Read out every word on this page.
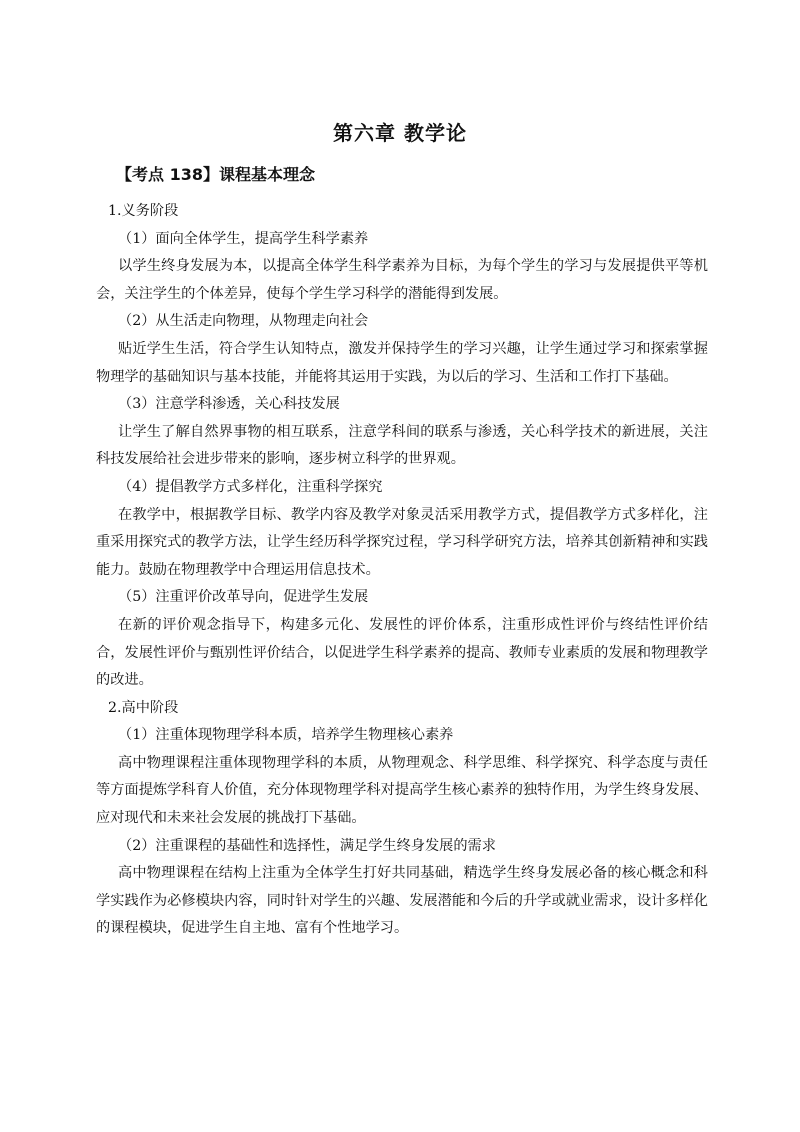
第六章 教学论
【考点 138】课程基本理念

1.义务阶段

（1）面向全体学生，提高学生科学素养

以学生终身发展为本，以提高全体学生科学素养为目标，为每个学生的学习与发展提供平等机会，关注学生的个体差异，使每个学生学习科学的潜能得到发展。

（2）从生活走向物理，从物理走向社会

贴近学生生活，符合学生认知特点，激发并保持学生的学习兴趣，让学生通过学习和探索掌握物理学的基础知识与基本技能，并能将其运用于实践，为以后的学习、生活和工作打下基础。

（3）注意学科渗透，关心科技发展

让学生了解自然界事物的相互联系，注意学科间的联系与渗透，关心科学技术的新进展，关注科技发展给社会进步带来的影响，逐步树立科学的世界观。

（4）提倡教学方式多样化，注重科学探究

在教学中，根据教学目标、教学内容及教学对象灵活采用教学方式，提倡教学方式多样化，注重采用探究式的教学方法，让学生经历科学探究过程，学习科学研究方法，培养其创新精神和实践能力。鼓励在物理教学中合理运用信息技术。

（5）注重评价改革导向，促进学生发展

在新的评价观念指导下，构建多元化、发展性的评价体系，注重形成性评价与终结性评价结合，发展性评价与甄别性评价结合，以促进学生科学素养的提高、教师专业素质的发展和物理教学的改进。

2.高中阶段

（1）注重体现物理学科本质，培养学生物理核心素养

高中物理课程注重体现物理学科的本质，从物理观念、科学思维、科学探究、科学态度与责任等方面提炼学科育人价值，充分体现物理学科对提高学生核心素养的独特作用，为学生终身发展、应对现代和未来社会发展的挑战打下基础。

（2）注重课程的基础性和选择性，满足学生终身发展的需求

高中物理课程在结构上注重为全体学生打好共同基础，精选学生终身发展必备的核心概念和科学实践作为必修模块内容，同时针对学生的兴趣、发展潜能和今后的升学或就业需求，设计多样化的课程模块，促进学生自主地、富有个性地学习。
